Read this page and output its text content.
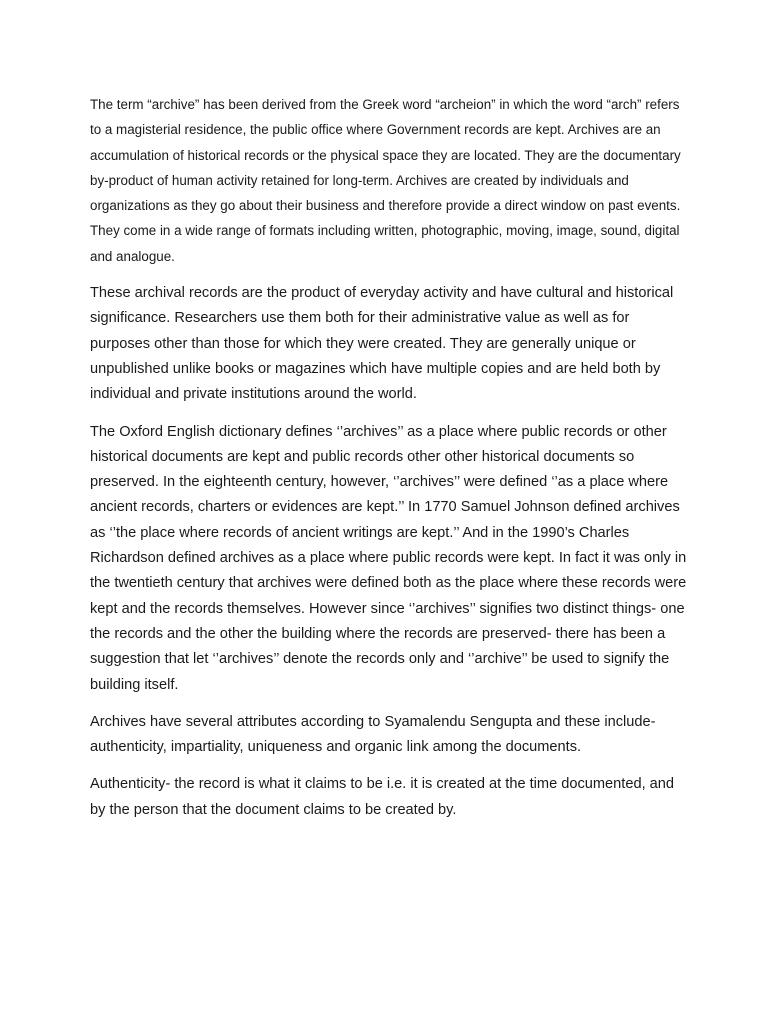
The term “archive” has been derived from the Greek word “archeion” in which the word “arch” refers to a magisterial residence, the public office where Government records are kept. Archives are an accumulation of historical records or the physical space they are located. They are the documentary by-product of human activity retained for long-term. Archives are created by individuals and organizations as they go about their business and therefore provide a direct window on past events. They come in a wide range of formats including written, photographic, moving, image, sound, digital and analogue.

These archival records are the product of everyday activity and have cultural and historical significance. Researchers use them both for their administrative value as well as for purposes other than those for which they were created. They are generally unique or unpublished unlike books or magazines which have multiple copies and are held both by individual and private institutions around the world.

The Oxford English dictionary defines ‘’archives’’ as a place where public records or other historical documents are kept and public records other other historical documents so preserved. In the eighteenth century, however, ‘’archives’’ were defined ‘’as a place where ancient records, charters or evidences are kept.’’ In 1770 Samuel Johnson defined archives as ‘’the place where records of ancient writings are kept.’’ And in the 1990’s Charles Richardson defined archives as a place where public records were kept. In fact it was only in the twentieth century that archives were defined both as the place where these records were kept and the records themselves. However since ‘’archives’’ signifies two distinct things- one the records and the other the building where the records are preserved- there has been a suggestion that let ‘’archives’’ denote the records only and ‘’archive’’ be used to signify the building itself.

Archives have several attributes according to Syamalendu Sengupta and these include- authenticity, impartiality, uniqueness and organic link among the documents.

Authenticity- the record is what it claims to be i.e. it is created at the time documented, and by the person that the document claims to be created by.
